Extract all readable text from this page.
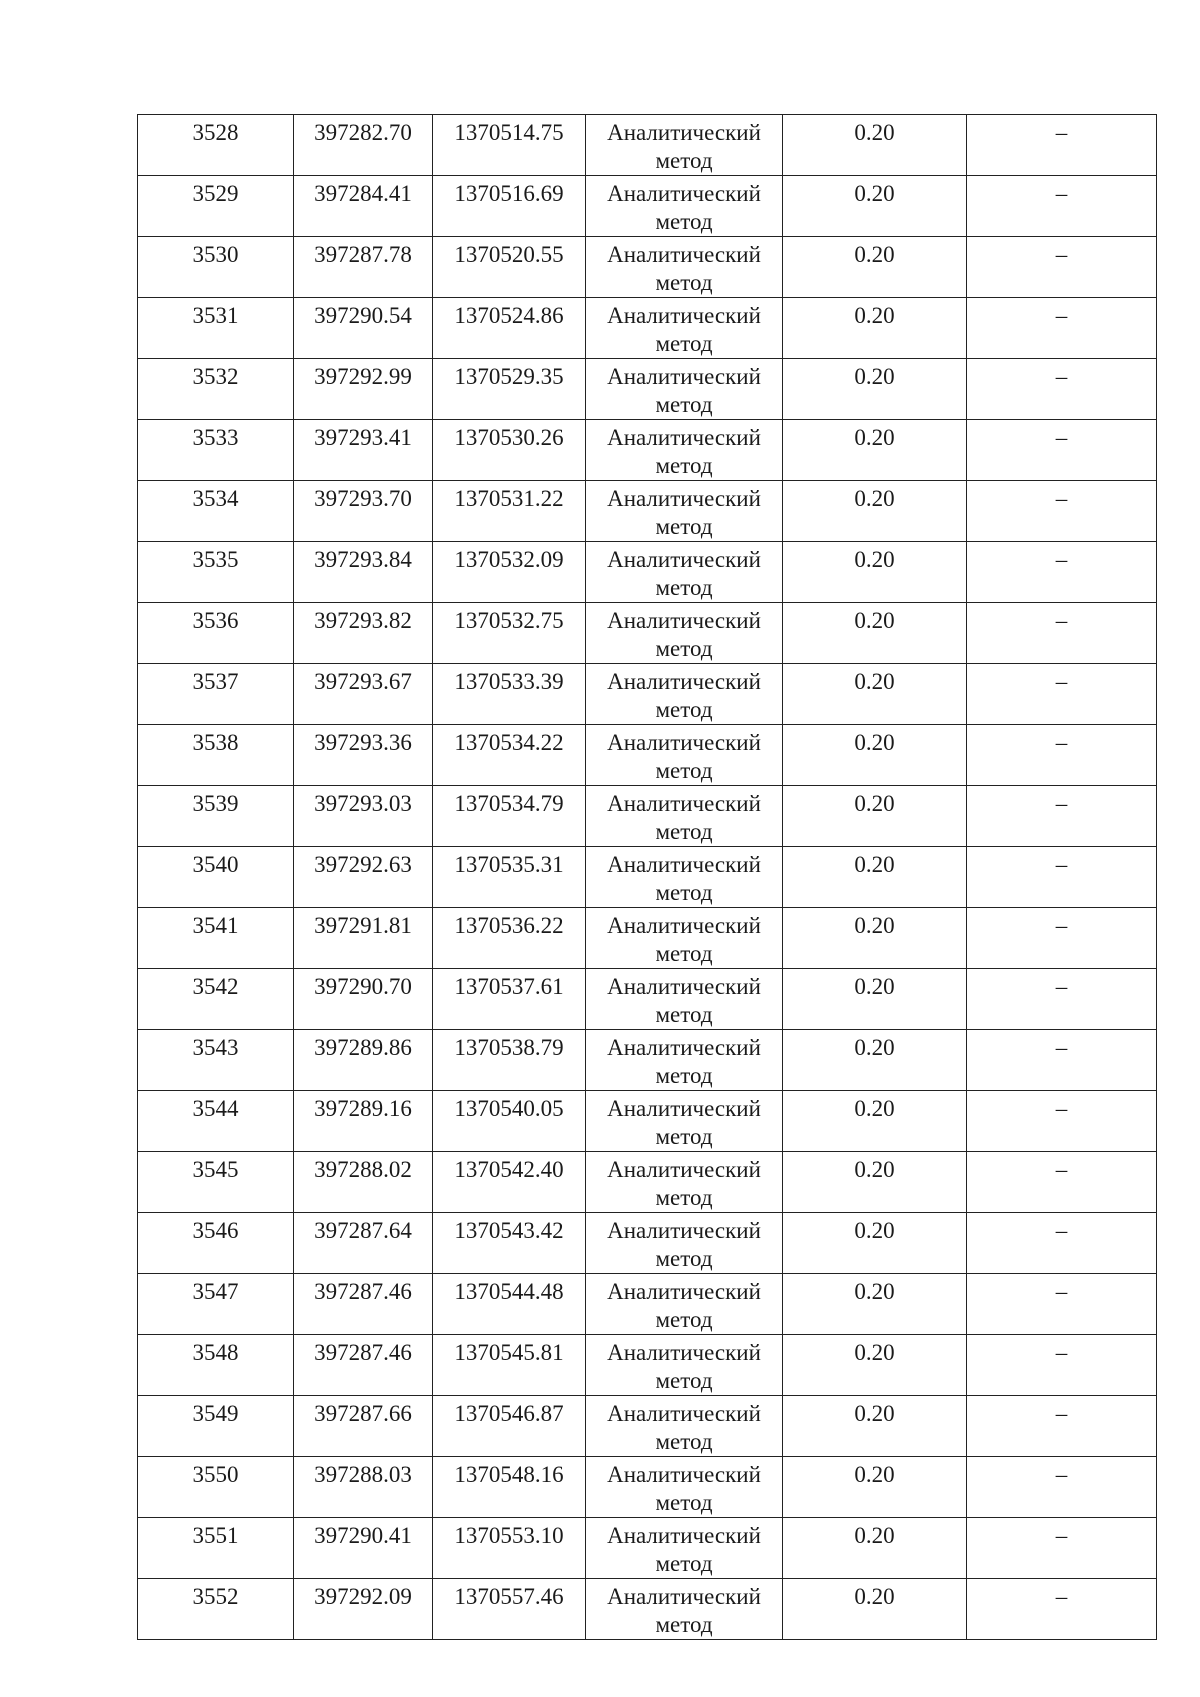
3528	397282.70	1370514.75	Аналитический метод	0.20	–
3529	397284.41	1370516.69	Аналитический метод	0.20	–
3530	397287.78	1370520.55	Аналитический метод	0.20	–
3531	397290.54	1370524.86	Аналитический метод	0.20	–
3532	397292.99	1370529.35	Аналитический метод	0.20	–
3533	397293.41	1370530.26	Аналитический метод	0.20	–
3534	397293.70	1370531.22	Аналитический метод	0.20	–
3535	397293.84	1370532.09	Аналитический метод	0.20	–
3536	397293.82	1370532.75	Аналитический метод	0.20	–
3537	397293.67	1370533.39	Аналитический метод	0.20	–
3538	397293.36	1370534.22	Аналитический метод	0.20	–
3539	397293.03	1370534.79	Аналитический метод	0.20	–
3540	397292.63	1370535.31	Аналитический метод	0.20	–
3541	397291.81	1370536.22	Аналитический метод	0.20	–
3542	397290.70	1370537.61	Аналитический метод	0.20	–
3543	397289.86	1370538.79	Аналитический метод	0.20	–
3544	397289.16	1370540.05	Аналитический метод	0.20	–
3545	397288.02	1370542.40	Аналитический метод	0.20	–
3546	397287.64	1370543.42	Аналитический метод	0.20	–
3547	397287.46	1370544.48	Аналитический метод	0.20	–
3548	397287.46	1370545.81	Аналитический метод	0.20	–
3549	397287.66	1370546.87	Аналитический метод	0.20	–
3550	397288.03	1370548.16	Аналитический метод	0.20	–
3551	397290.41	1370553.10	Аналитический метод	0.20	–
3552	397292.09	1370557.46	Аналитический метод	0.20	–
